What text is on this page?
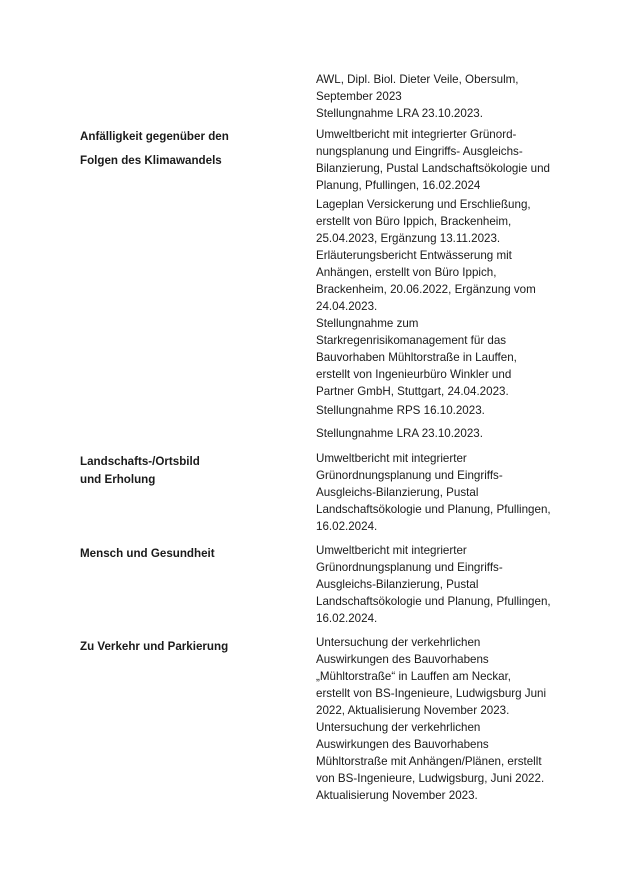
Anfälligkeit gegenüber den
Folgen des Klimawandels
Landschafts-/Ortsbild
und Erholung
Mensch und Gesundheit
Zu Verkehr und Parkierung
AWL, Dipl. Biol. Dieter Veile, Obersulm,
September 2023
Stellungnahme LRA 23.10.2023.
Umweltbericht mit integrierter Grünord-
nungsplanung und Eingriffs- Ausgleichs-
Bilanzierung, Pustal Landschaftsökologie und
Planung, Pfullingen, 16.02.2024
Lageplan Versickerung und Erschließung,
erstellt von Büro Ippich, Brackenheim,
25.04.2023, Ergänzung 13.11.2023.
Erläuterungsbericht Entwässerung mit
Anhängen, erstellt von Büro Ippich,
Brackenheim, 20.06.2022, Ergänzung vom
24.04.2023.
Stellungnahme zum
Starkregenrisikomanagement für das
Bauvorhaben Mühltorstraße in Lauffen,
erstellt von Ingenieurbüro Winkler und
Partner GmbH, Stuttgart, 24.04.2023.
Stellungnahme RPS 16.10.2023.
Stellungnahme LRA 23.10.2023.
Umweltbericht mit integrierter
Grünordnungsplanung und Eingriffs-
Ausgleichs-Bilanzierung, Pustal
Landschaftsökologie und Planung, Pfullingen,
16.02.2024.
Umweltbericht mit integrierter
Grünordnungsplanung und Eingriffs-
Ausgleichs-Bilanzierung, Pustal
Landschaftsökologie und Planung, Pfullingen,
16.02.2024.
Untersuchung der verkehrlichen
Auswirkungen des Bauvorhabens
„Mühltorstraße“ in Lauffen am Neckar,
erstellt von BS-Ingenieure, Ludwigsburg Juni
2022, Aktualisierung November 2023.
Untersuchung der verkehrlichen
Auswirkungen des Bauvorhabens
Mühltorstraße mit Anhängen/Plänen, erstellt
von BS-Ingenieure, Ludwigsburg, Juni 2022.
Aktualisierung November 2023.
